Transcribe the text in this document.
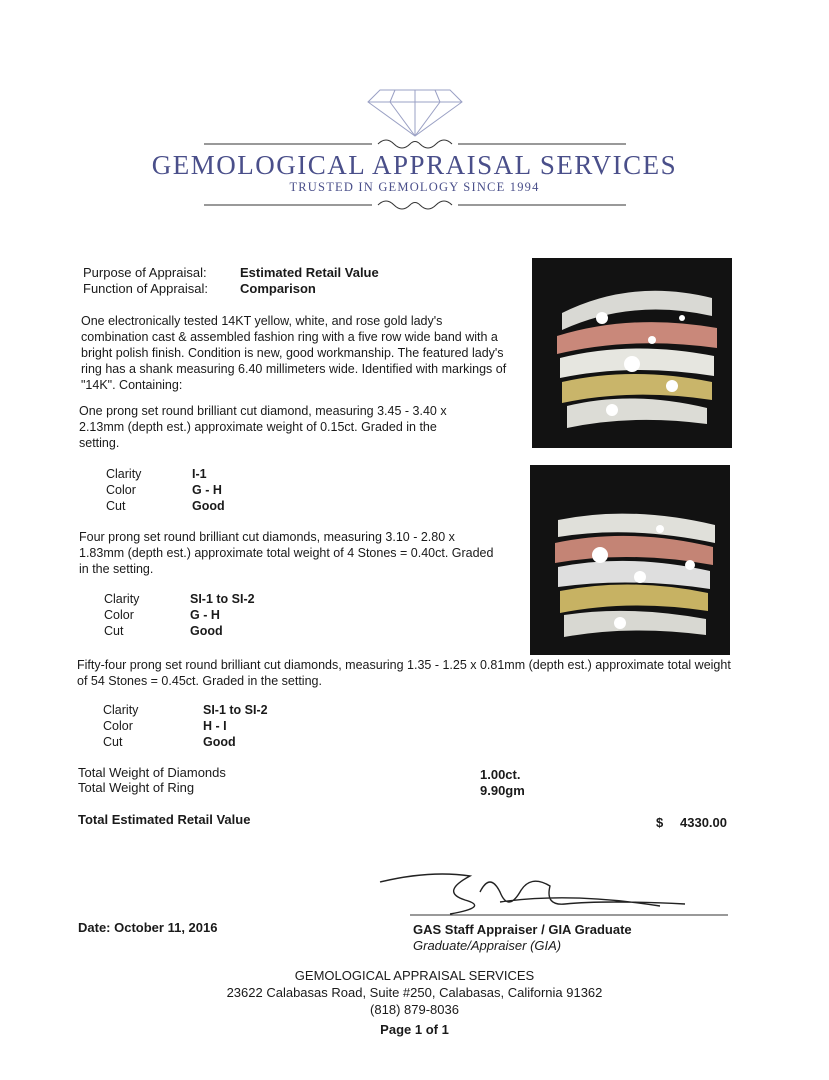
GEMOLOGICAL APPRAISAL SERVICES
TRUSTED IN GEMOLOGY SINCE 1994
Purpose of Appraisal:	Estimated Retail Value
Function of Appraisal: Comparison
One electronically tested 14KT yellow, white, and rose gold lady's combination cast & assembled fashion ring with a five row wide band with a bright polish finish. Condition is new, good workmanship. The featured lady's ring has a shank measuring 6.40 millimeters wide. Identified with markings of "14K". Containing:
One prong set round brilliant cut diamond, measuring 3.45 - 3.40 x 2.13mm (depth est.) approximate weight of 0.15ct. Graded in the setting.
Clarity	I-1
Color	G - H
Cut	Good
Four prong set round brilliant cut diamonds, measuring 3.10 - 2.80 x 1.83mm (depth est.) approximate total weight of 4 Stones = 0.40ct. Graded in the setting.
Clarity	SI-1 to SI-2
Color	G - H
Cut	Good
Fifty-four prong set round brilliant cut diamonds, measuring 1.35 - 1.25 x 0.81mm (depth est.) approximate total weight of 54 Stones = 0.45ct. Graded in the setting.
Clarity	SI-1 to SI-2
Color	H - I
Cut	Good
Total Weight of Diamonds	1.00ct.
Total Weight of Ring	9.90gm
Total Estimated Retail Value	$ 4330.00
Date: October 11, 2016	GAS Staff Appraiser / GIA Graduate
Graduate/Appraiser (GIA)
GEMOLOGICAL APPRAISAL SERVICES
23622 Calabasas Road, Suite #250, Calabasas, California 91362
(818) 879-8036
Page 1 of 1
